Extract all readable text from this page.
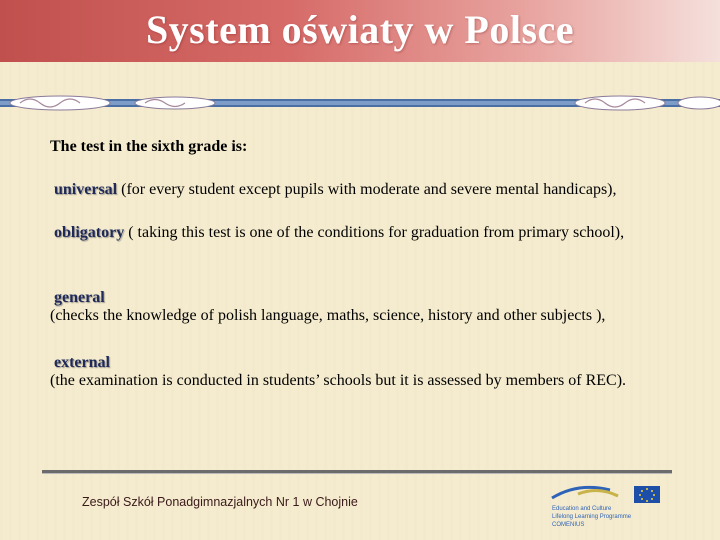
System oświaty w Polsce

The test in the sixth grade is:

universal (for every student except pupils with moderate and severe mental handicaps),

obligatory ( taking this test is one of the conditions for graduation from primary school),

general
(checks the knowledge of polish language, maths, science, history and other subjects ),

external
(the examination is conducted in students’ schools but it is assessed by members of REC).

Zespół Szkół Ponadgimnazjalnych Nr 1 w Chojnie	Education and Culture
Lifelong Learning Programme
COMENIUS
